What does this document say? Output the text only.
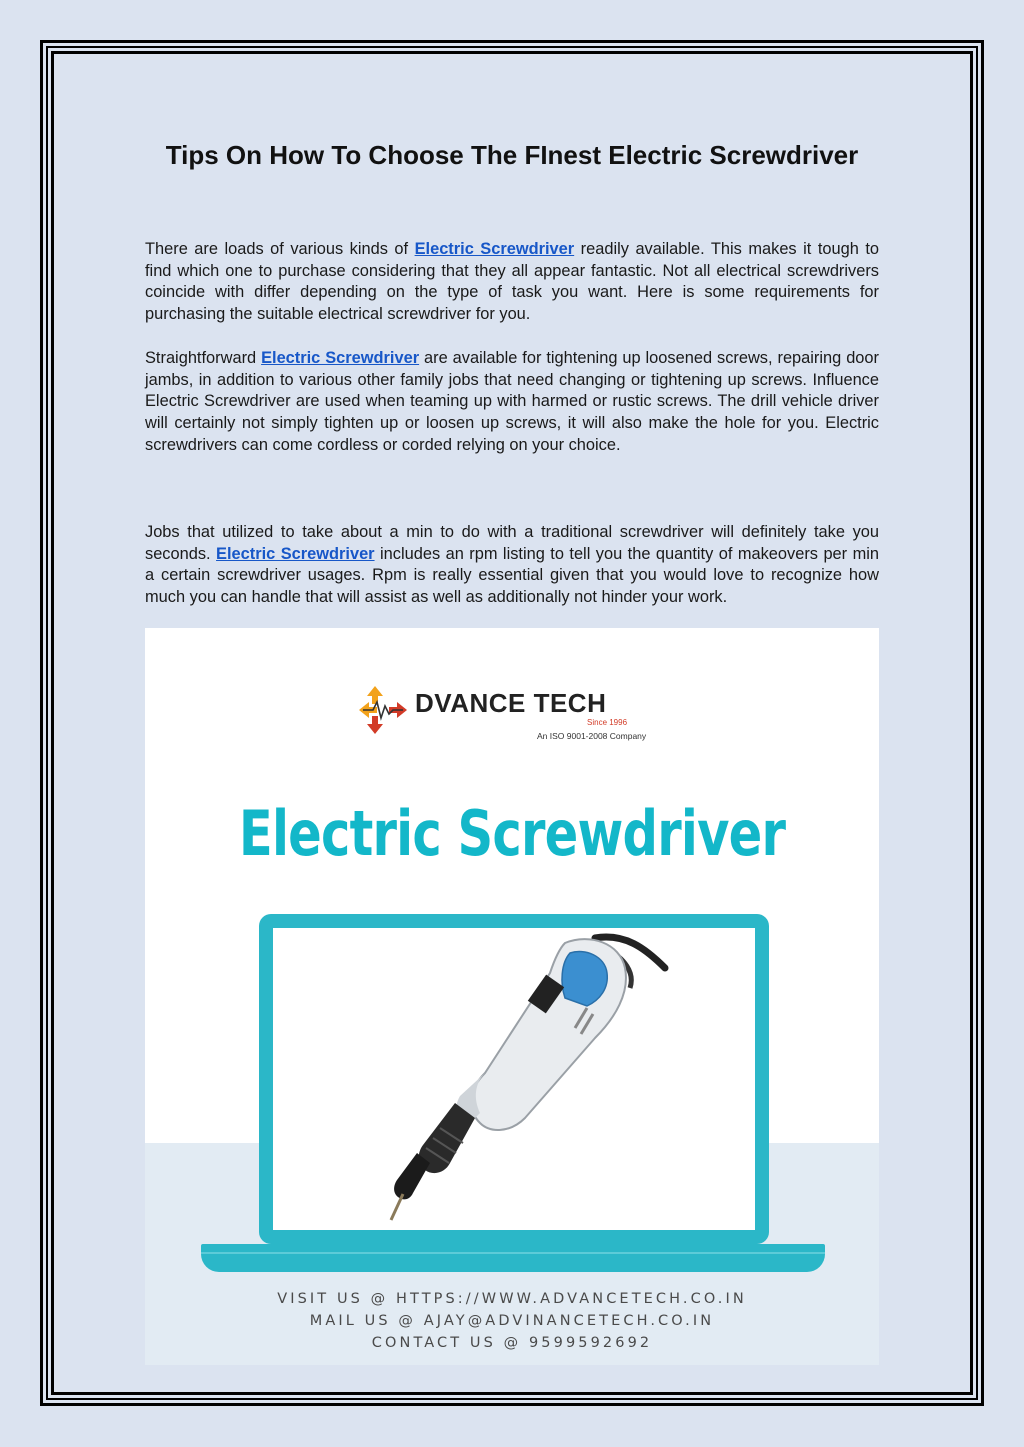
Tips On How To Choose The FInest Electric Screwdriver

There are loads of various kinds of Electric Screwdriver readily available. This makes it tough to find which one to purchase considering that they all appear fantastic. Not all electrical screwdrivers coincide with differ depending on the type of task you want. Here is some requirements for purchasing the suitable electrical screwdriver for you.

Straightforward Electric Screwdriver are available for tightening up loosened screws, repairing door jambs, in addition to various other family jobs that need changing or tightening up screws. Influence Electric Screwdriver are used when teaming up with harmed or rustic screws. The drill vehicle driver will certainly not simply tighten up or loosen up screws, it will also make the hole for you. Electric screwdrivers can come cordless or corded relying on your choice.

Jobs that utilized to take about a min to do with a traditional screwdriver will definitely take you seconds. Electric Screwdriver includes an rpm listing to tell you the quantity of makeovers per min a certain screwdriver usages. Rpm is really essential given that you would love to recognize how much you can handle that will assist as well as additionally not hinder your work.

DVANCE TECH
Since 1996
An ISO 9001-2008 Company
Electric Screwdriver
VISIT US @ HTTPS://WWW.ADVANCETECH.CO.IN
MAIL US @ AJAY@ADVINANCETECH.CO.IN
CONTACT US @ 9599592692
